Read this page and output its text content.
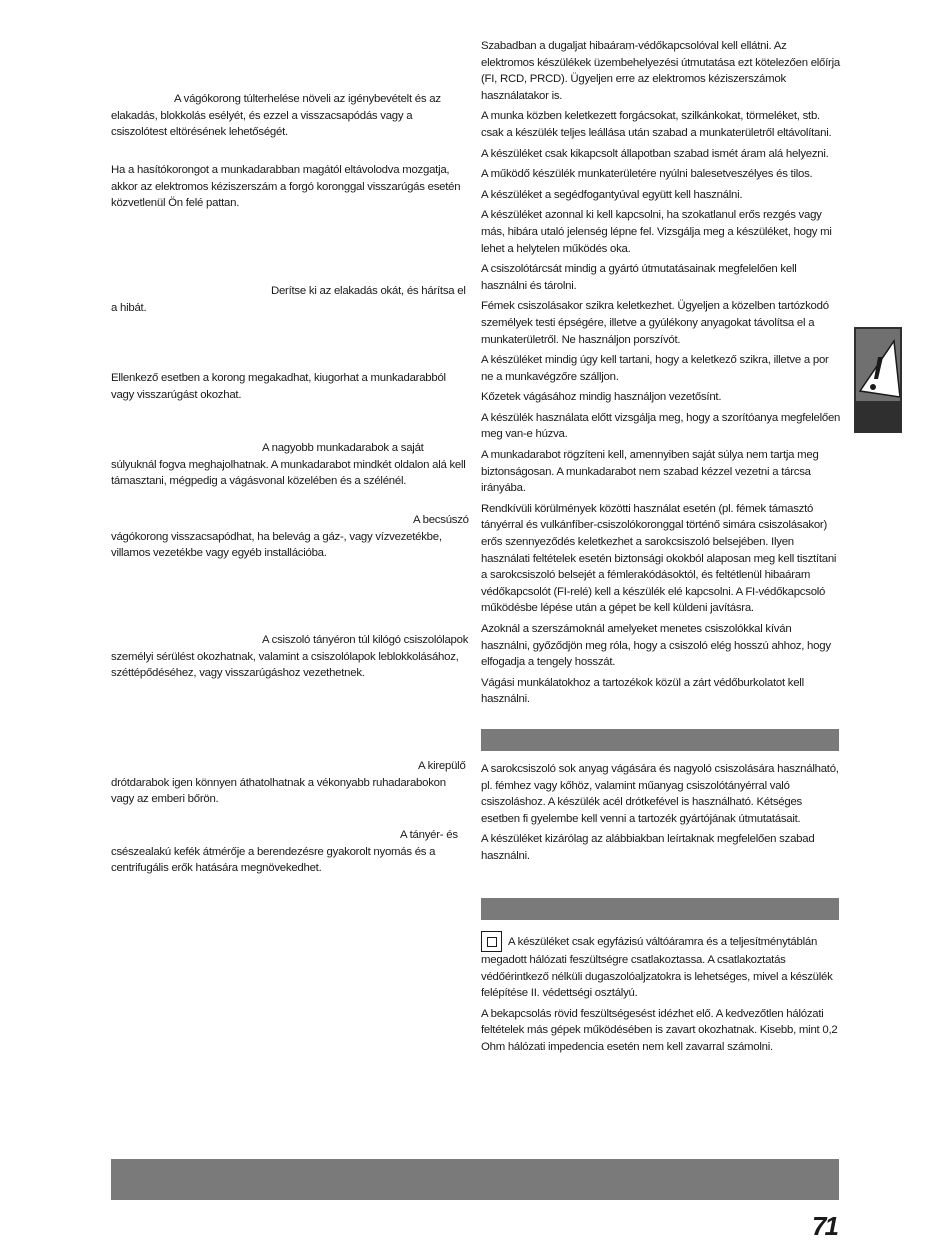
A vágókorong túlterhelése növeli az igénybevételt és az elakadás, blokkolás esélyét, és ezzel a visszacsapódás vagy a csiszolótest eltörésének lehetőségét.

Ha a hasítókorongot a munkadarabban magától eltávolodva mozgatja, akkor az elektromos kéziszerszám a forgó koronggal visszarúgás esetén közvetlenül Ön felé pattan.

Derítse ki az elakadás okát, és hárítsa el a hibát.

Ellenkező esetben a korong megakadhat, kiugorhat a munkadarabból vagy visszarúgást okozhat.

A nagyobb munkadarabok a saját súlyuknál fogva meghajolhatnak. A munkadarabot mindkét oldalon alá kell támasztani, mégpedig a vágásvonal közelében és a szélénél.

A becsúszó vágókorong visszacsapódhat, ha belevág a gáz-, vagy vízvezetékbe, villamos vezetékbe vagy egyéb installációba.

A csiszoló tányéron túl kilógó csiszolólapok személyi sérülést okozhatnak, valamint a csiszolólapok leblokkolásához, széttépődéséhez, vagy visszarúgáshoz vezethetnek.

A kirepülő drótdarabok igen könnyen áthatolhatnak a vékonyabb ruhadarabokon vagy az emberi bőrön.

A tányér- és csészealakú kefék átmérője a berendezésre gyakorolt nyomás és a centrifugális erők hatására megnövekedhet.

Szabadban a dugaljat hibaáram-védőkapcsolóval kell ellátni. Az elektromos készülékek üzembehelyezési útmutatása ezt kötelezően előírja (FI, RCD, PRCD). Ügyeljen erre az elektromos kéziszerszámok használatakor is.

A munka közben keletkezett forgácsokat, szilkánkokat, törmeléket, stb. csak a készülék teljes leállása után szabad a munkaterületről eltávolítani.

A készüléket csak kikapcsolt állapotban szabad ismét áram alá helyezni.

A működő készülék munkaterületére nyúlni balesetveszélyes és tilos.

A készüléket a segédfogantyúval együtt kell használni.

A készüléket azonnal ki kell kapcsolni, ha szokatlanul erős rezgés vagy más, hibára utaló jelenség lépne fel. Vizsgálja meg a készüléket, hogy mi lehet a helytelen működés oka.

A csiszolótárcsát mindig a gyártó útmutatásainak megfelelően kell használni és tárolni.

Fémek csiszolásakor szikra keletkezhet. Ügyeljen a közelben tartózkodó személyek testi épségére, illetve a gyúlékony anyagokat távolítsa el a munkaterületről. Ne használjon porszívót.

A készüléket mindig úgy kell tartani, hogy a keletkező szikra, illetve a por ne a munkavégzőre szálljon.

Kőzetek vágásához mindig használjon vezetősínt.

A készülék használata előtt vizsgálja meg, hogy a szorítóanya megfelelően meg van-e húzva.

A munkadarabot rögzíteni kell, amennyiben saját súlya nem tartja meg biztonságosan. A munkadarabot nem szabad kézzel vezetni a tárcsa irányába.

Rendkívüli körülmények közötti használat esetén (pl. fémek támasztó tányérral és vulkánfíber-csiszolókoronggal történő simára csiszolásakor) erős szennyeződés keletkezhet a sarokcsiszoló belsejében. Ilyen használati feltételek esetén biztonsági okokból alaposan meg kell tisztítani a sarokcsiszoló belsejét a fémlerakódásoktól, és feltétlenül hibaáram védőkapcsolót (FI-relé) kell a készülék elé kapcsolni. A FI-védőkapcsoló működésbe lépése után a gépet be kell küldeni javításra.

Azoknál a szerszámoknál amelyeket menetes csiszolókkal kíván használni, győződjön meg róla, hogy a csiszoló elég hosszú ahhoz, hogy elfogadja a tengely hosszát.

Vágási munkálatokhoz a tartozékok közül a zárt védőburkolatot kell használni.

A sarokcsiszoló sok anyag vágására és nagyoló csiszolására használható, pl. fémhez vagy kőhöz, valamint műanyag csiszolótányérral való csiszoláshoz. A készülék acél drótkefével is használható. Kétséges esetben fi gyelembe kell venni a tartozék gyártójának útmutatásait.

A készüléket kizárólag az alábbiakban leírtaknak megfelelően szabad használni.

A készüléket csak egyfázisú váltóáramra és a teljesítménytáblán megadott hálózati feszültségre csatlakoztassa. A csatlakoztatás védőérintkező nélküli dugaszolóaljzatokra is lehetséges, mivel a készülék felépítése II. védettségi osztályú.

A bekapcsolás rövid feszültségesést idézhet elő. A kedvezőtlen hálózati feltételek más gépek működésében is zavart okozhatnak. Kisebb, mint 0,2 Ohm hálózati impedencia esetén nem kell zavarral számolni.

71
